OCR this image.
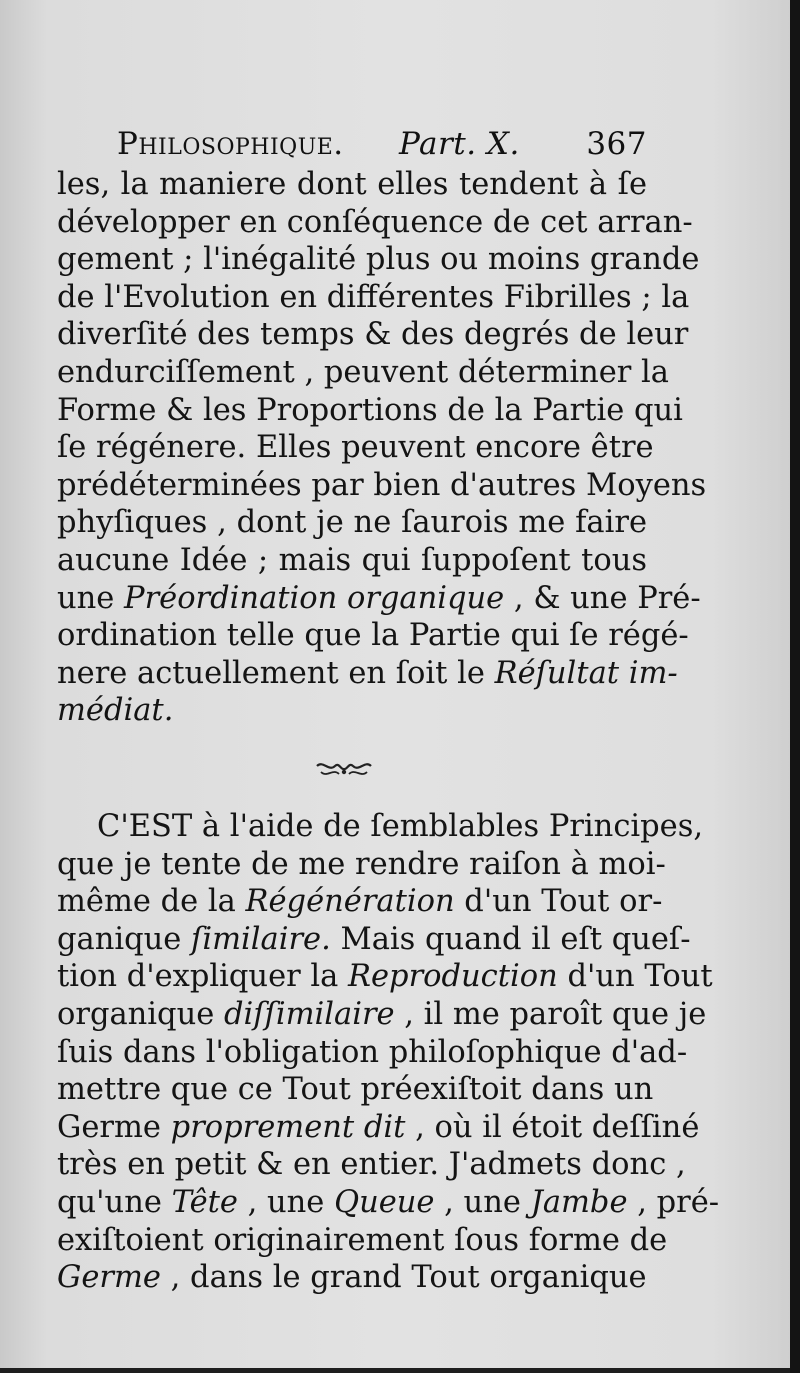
Philosophique. Part. X. 367
les, la maniere dont elles tendent à ſe
développer en conſéquence de cet arran-
gement ; l'inégalité plus ou moins grande
de l'Evolution en différentes Fibrilles ; la
diverſité des temps & des degrés de leur
endurciſſement , peuvent déterminer la
Forme & les Proportions de la Partie qui
ſe régénere. Elles peuvent encore être
prédéterminées par bien d'autres Moyens
phyſiques , dont je ne ſaurois me faire
aucune Idée ; mais qui ſuppoſent tous
une Préordination organique , & une Pré-
ordination telle que la Partie qui ſe régé-
nere actuellement en ſoit le Réſultat im-
médiat.
C'EST à l'aide de ſemblables Principes,
que je tente de me rendre raiſon à moi-
même de la Régénération d'un Tout or-
ganique ſimilaire. Mais quand il eſt queſ-
tion d'expliquer la Reproduction d'un Tout
organique diſſimilaire , il me paroît que je
ſuis dans l'obligation philoſophique d'ad-
mettre que ce Tout préexiſtoit dans un
Germe proprement dit , où il étoit deſſiné
très en petit & en entier. J'admets donc ,
qu'une Tête , une Queue , une Jambe , pré-
exiſtoient originairement ſous forme de
Germe , dans le grand Tout organique
